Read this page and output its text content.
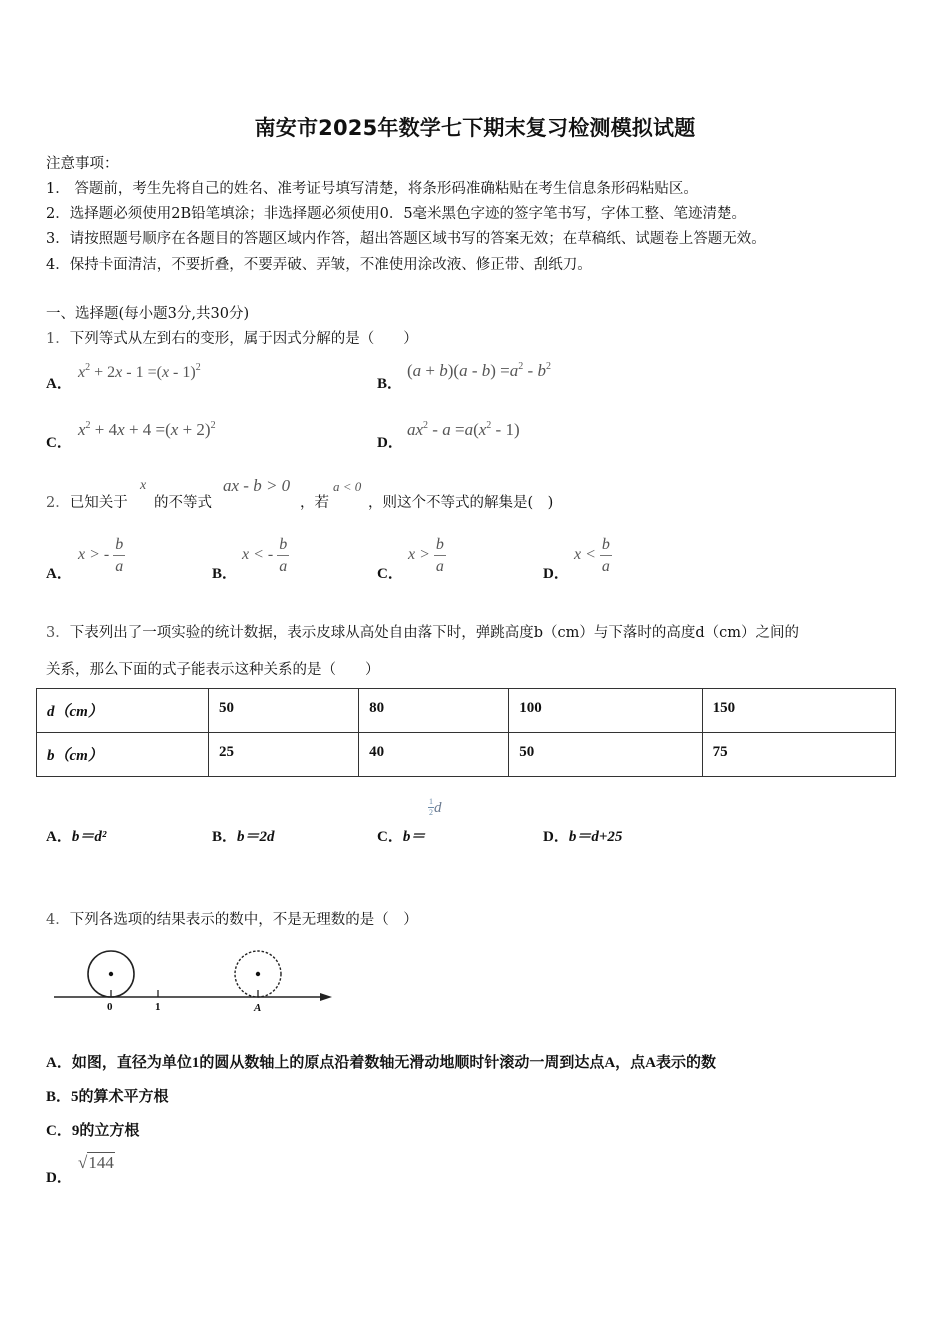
南安市2025年数学七下期末复习检测模拟试题
注意事项：
1． 答题前，考生先将自己的姓名、准考证号填写清楚，将条形码准确粘贴在考生信息条形码粘贴区。
2．选择题必须使用2B铅笔填涂；非选择题必须使用0．5毫米黑色字迹的签字笔书写，字体工整、笔迹清楚。
3．请按照题号顺序在各题目的答题区域内作答，超出答题区域书写的答案无效；在草稿纸、试题卷上答题无效。
4．保持卡面清洁，不要折叠，不要弄破、弄皱，不准使用涂改液、修正带、刮纸刀。
一、选择题(每小题3分,共30分)
1．下列等式从左到右的变形，属于因式分解的是（　　）
A．
$x^2 + 2x - 1 =(x - 1)^2$
B．
$(a + b)(a - b) =a^2 - b^2$
C．
$x^2 + 4x + 4 =(x + 2)^2$
D．
$ax^2 - a =a(x^2 - 1)$
2．已知关于
x
的不等式
ax - b > 0
，若
a < 0
，则这个不等式的解集是(　)
A．
x > - $\frac{b}{a}$	B．
x < - $\frac{b}{a}$	C．
$x > \frac{b}{a}$	D．
$x < \frac{b}{a}$
3．下表列出了一项实验的统计数据，表示皮球从高处自由落下时，弹跳高度b（cm）与下落时的高度d（cm）之间的
关系，那么下面的式子能表示这种关系的是（　　）
d（cm）	50	80	100	150
b（cm）	25	40	50	75
A．b＝d²	B．b＝2d	C．b＝
1

2d
D．b＝d+25
4．下列各选项的结果表示的数中，不是无理数的是（　）
0	1	A
A．如图，直径为单位1的圆从数轴上的原点沿着数轴无滑动地顺时针滚动一周到达点A，点A表示的数
B．5的算术平方根
C．9的立方根
D．
√144
